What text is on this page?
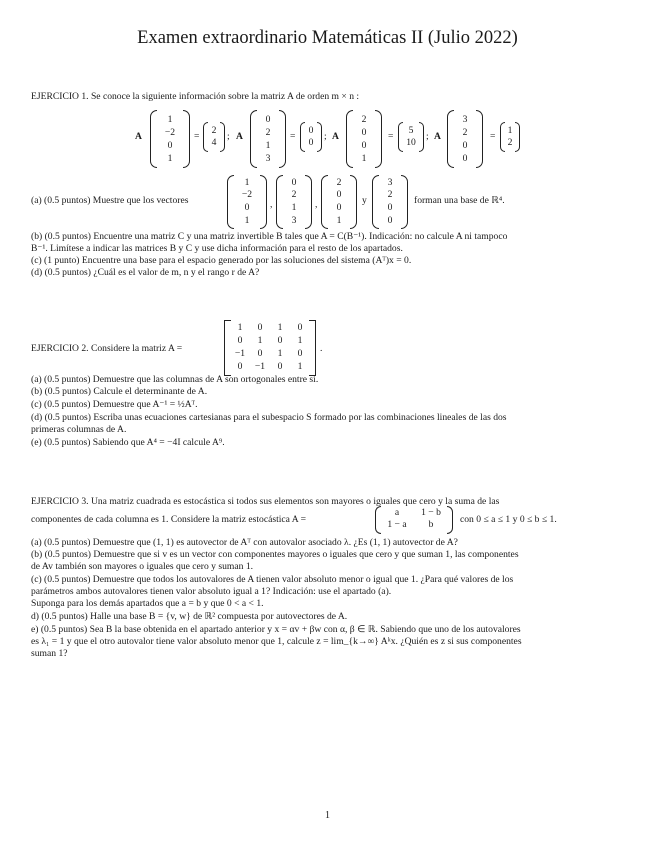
Examen extraordinario Matemáticas II (Julio 2022)
EJERCICIO 1. Se conoce la siguiente información sobre la matriz A de orden m × n :
A
1
−2
0
1
=
2
4
; A
0
2
1
3
=
0
0
; A
2
0
0
1
=
5
10
; A
3
2
0
0
=
1
2
(a) (0.5 puntos) Muestre que los vectores
1
−2
0
1
,
0
2
1
3
,
2
0
0
1
y
3
2
0
0
forman una base de ℝ⁴.
(b) (0.5 puntos) Encuentre una matriz C y una matriz invertible B tales que A = C(B⁻¹). Indicación: no calcule A ni tampoco
B⁻¹. Limítese a indicar las matrices B y C y use dicha información para el resto de los apartados.
(c) (1 punto) Encuentre una base para el espacio generado por las soluciones del sistema (Aᵀ)x = 0.
(d) (0.5 puntos) ¿Cuál es el valor de m, n y el rango r de A?
EJERCICIO 2. Considere la matriz A =
1	0	1	0
0	1	0	1
−1	0	1	0
0	−1	0	1
.
(a) (0.5 puntos) Demuestre que las columnas de A son ortogonales entre sí.
(b) (0.5 puntos) Calcule el determinante de A.
(c) (0.5 puntos) Demuestre que A⁻¹ = ½Aᵀ.
(d) (0.5 puntos) Escriba unas ecuaciones cartesianas para el subespacio S formado por las combinaciones lineales de las dos
primeras columnas de A.
(e) (0.5 puntos) Sabiendo que A⁴ = −4I calcule A⁹.
EJERCICIO 3. Una matriz cuadrada es estocástica si todos sus elementos son mayores o iguales que cero y la suma de las
componentes de cada columna es 1. Considere la matriz estocástica A =
a	1 − b
1 − a	b	con 0 ≤ a ≤ 1 y 0 ≤ b ≤ 1.
(a) (0.5 puntos) Demuestre que (1, 1) es autovector de Aᵀ con autovalor asociado λ. ¿Es (1, 1) autovector de A?
(b) (0.5 puntos) Demuestre que si v es un vector con componentes mayores o iguales que cero y que suman 1, las componentes
de Av también son mayores o iguales que cero y suman 1.
(c) (0.5 puntos) Demuestre que todos los autovalores de A tienen valor absoluto menor o igual que 1. ¿Para qué valores de los
parámetros ambos autovalores tienen valor absoluto igual a 1? Indicación: use el apartado (a).
Suponga para los demás apartados que a = b y que 0 < a < 1.
d) (0.5 puntos) Halle una base B = {v, w} de ℝ² compuesta por autovectores de A.
e) (0.5 puntos) Sea B la base obtenida en el apartado anterior y x = αv + βw con α, β ∈ ℝ. Sabiendo que uno de los autovalores
es λ₁ = 1 y que el otro autovalor tiene valor absoluto menor que 1, calcule z = lim_{k→∞} Aᵏx. ¿Quién es z si sus componentes
suman 1?
1
